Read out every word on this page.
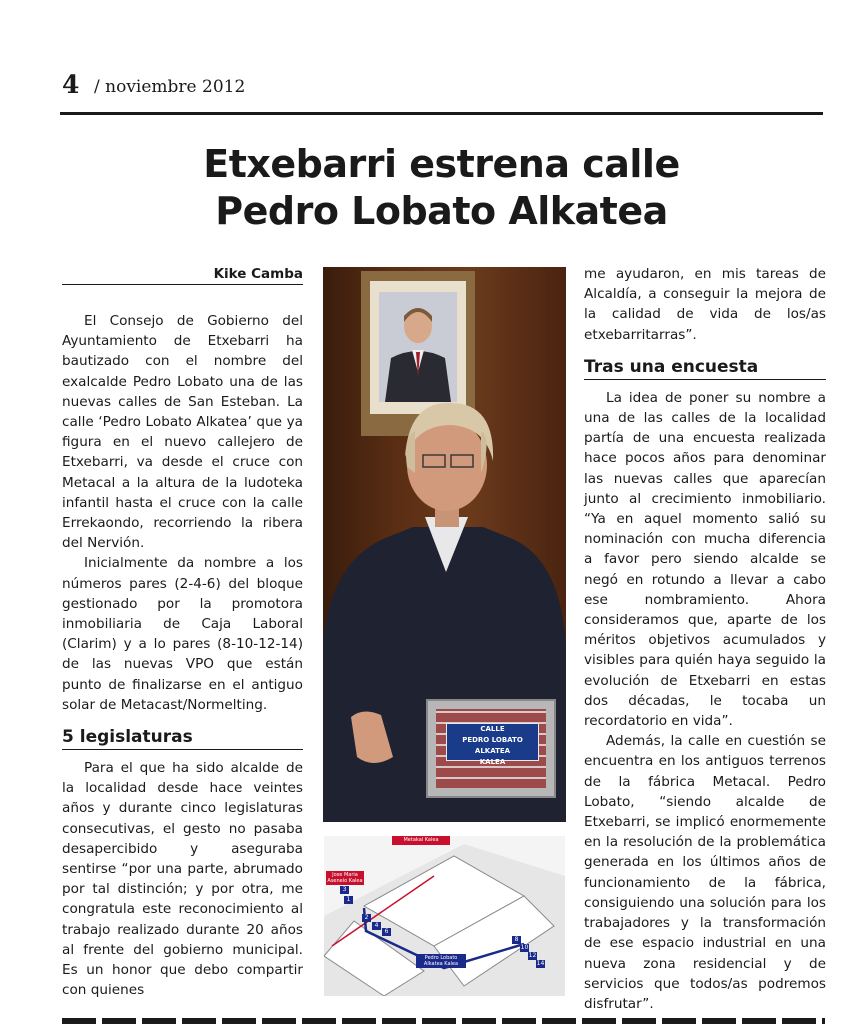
4 / noviembre 2012
Etxebarri estrena calle
Pedro Lobato Alkatea
Kike Camba

El Consejo de Gobierno del Ayuntamiento de Etxebarri ha bautizado con el nombre del exalcalde Pedro Lobato una de las nuevas calles de San Esteban. La calle ‘Pedro Lobato Alkatea’ que ya figura en el nuevo callejero de Etxebarri, va desde el cruce con Metacal a la altura de la ludoteka infantil hasta el cruce con la calle Errekaondo, recorriendo la ribera del Nervión.

Inicialmente da nombre a los números pares (2-4-6) del bloque gestionado por la promotora inmobiliaria de Caja Laboral (Clarim) y a lo pares (8-10-12-14) de las nuevas VPO que están punto de finalizarse en el antiguo solar de Metacast/Normelting.

5 legislaturas

Para el que ha sido alcalde de la localidad desde hace veintes años y durante cinco legislaturas consecutivas, el gesto no pasaba desapercibido y aseguraba sentirse “por una parte, abrumado por tal distinción; y por otra, me congratula este reconocimiento al trabajo realizado durante 20 años al frente del gobierno municipal. Es un honor que debo compartir con quienes

CALLE
PEDRO LOBATO ALKATEA
KALEA
Metakal Kalea
Jose Maria Aseneio Kalea
Pedro Lobato Alkatea Kalea
1
3
2
4
6
8
10
12
14

me ayudaron, en mis tareas de Alcaldía, a conseguir la mejora de la calidad de vida de los/as etxebarritarras”.

Tras una encuesta

La idea de poner su nombre a una de las calles de la localidad partía de una encuesta realizada hace pocos años para denominar las nuevas calles que aparecían junto al crecimiento inmobiliario. “Ya en aquel momento salió su nominación con mucha diferencia a favor pero siendo alcalde se negó en rotundo a llevar a cabo ese nombramiento. Ahora consideramos que, aparte de los méritos objetivos acumulados y visibles para quién haya seguido la evolución de Etxebarri en estas dos décadas, le tocaba un recordatorio en vida”.

Además, la calle en cuestión se encuentra en los antiguos terrenos de la fábrica Metacal. Pedro Lobato, “siendo alcalde de Etxebarri, se implicó enormemente en la resolución de la problemática generada en los últimos años de funcionamiento de la fábrica, consiguiendo una solución para los trabajadores y la transformación de ese espacio industrial en una nueva zona residencial y de servicios que todos/as podremos disfrutar”.
